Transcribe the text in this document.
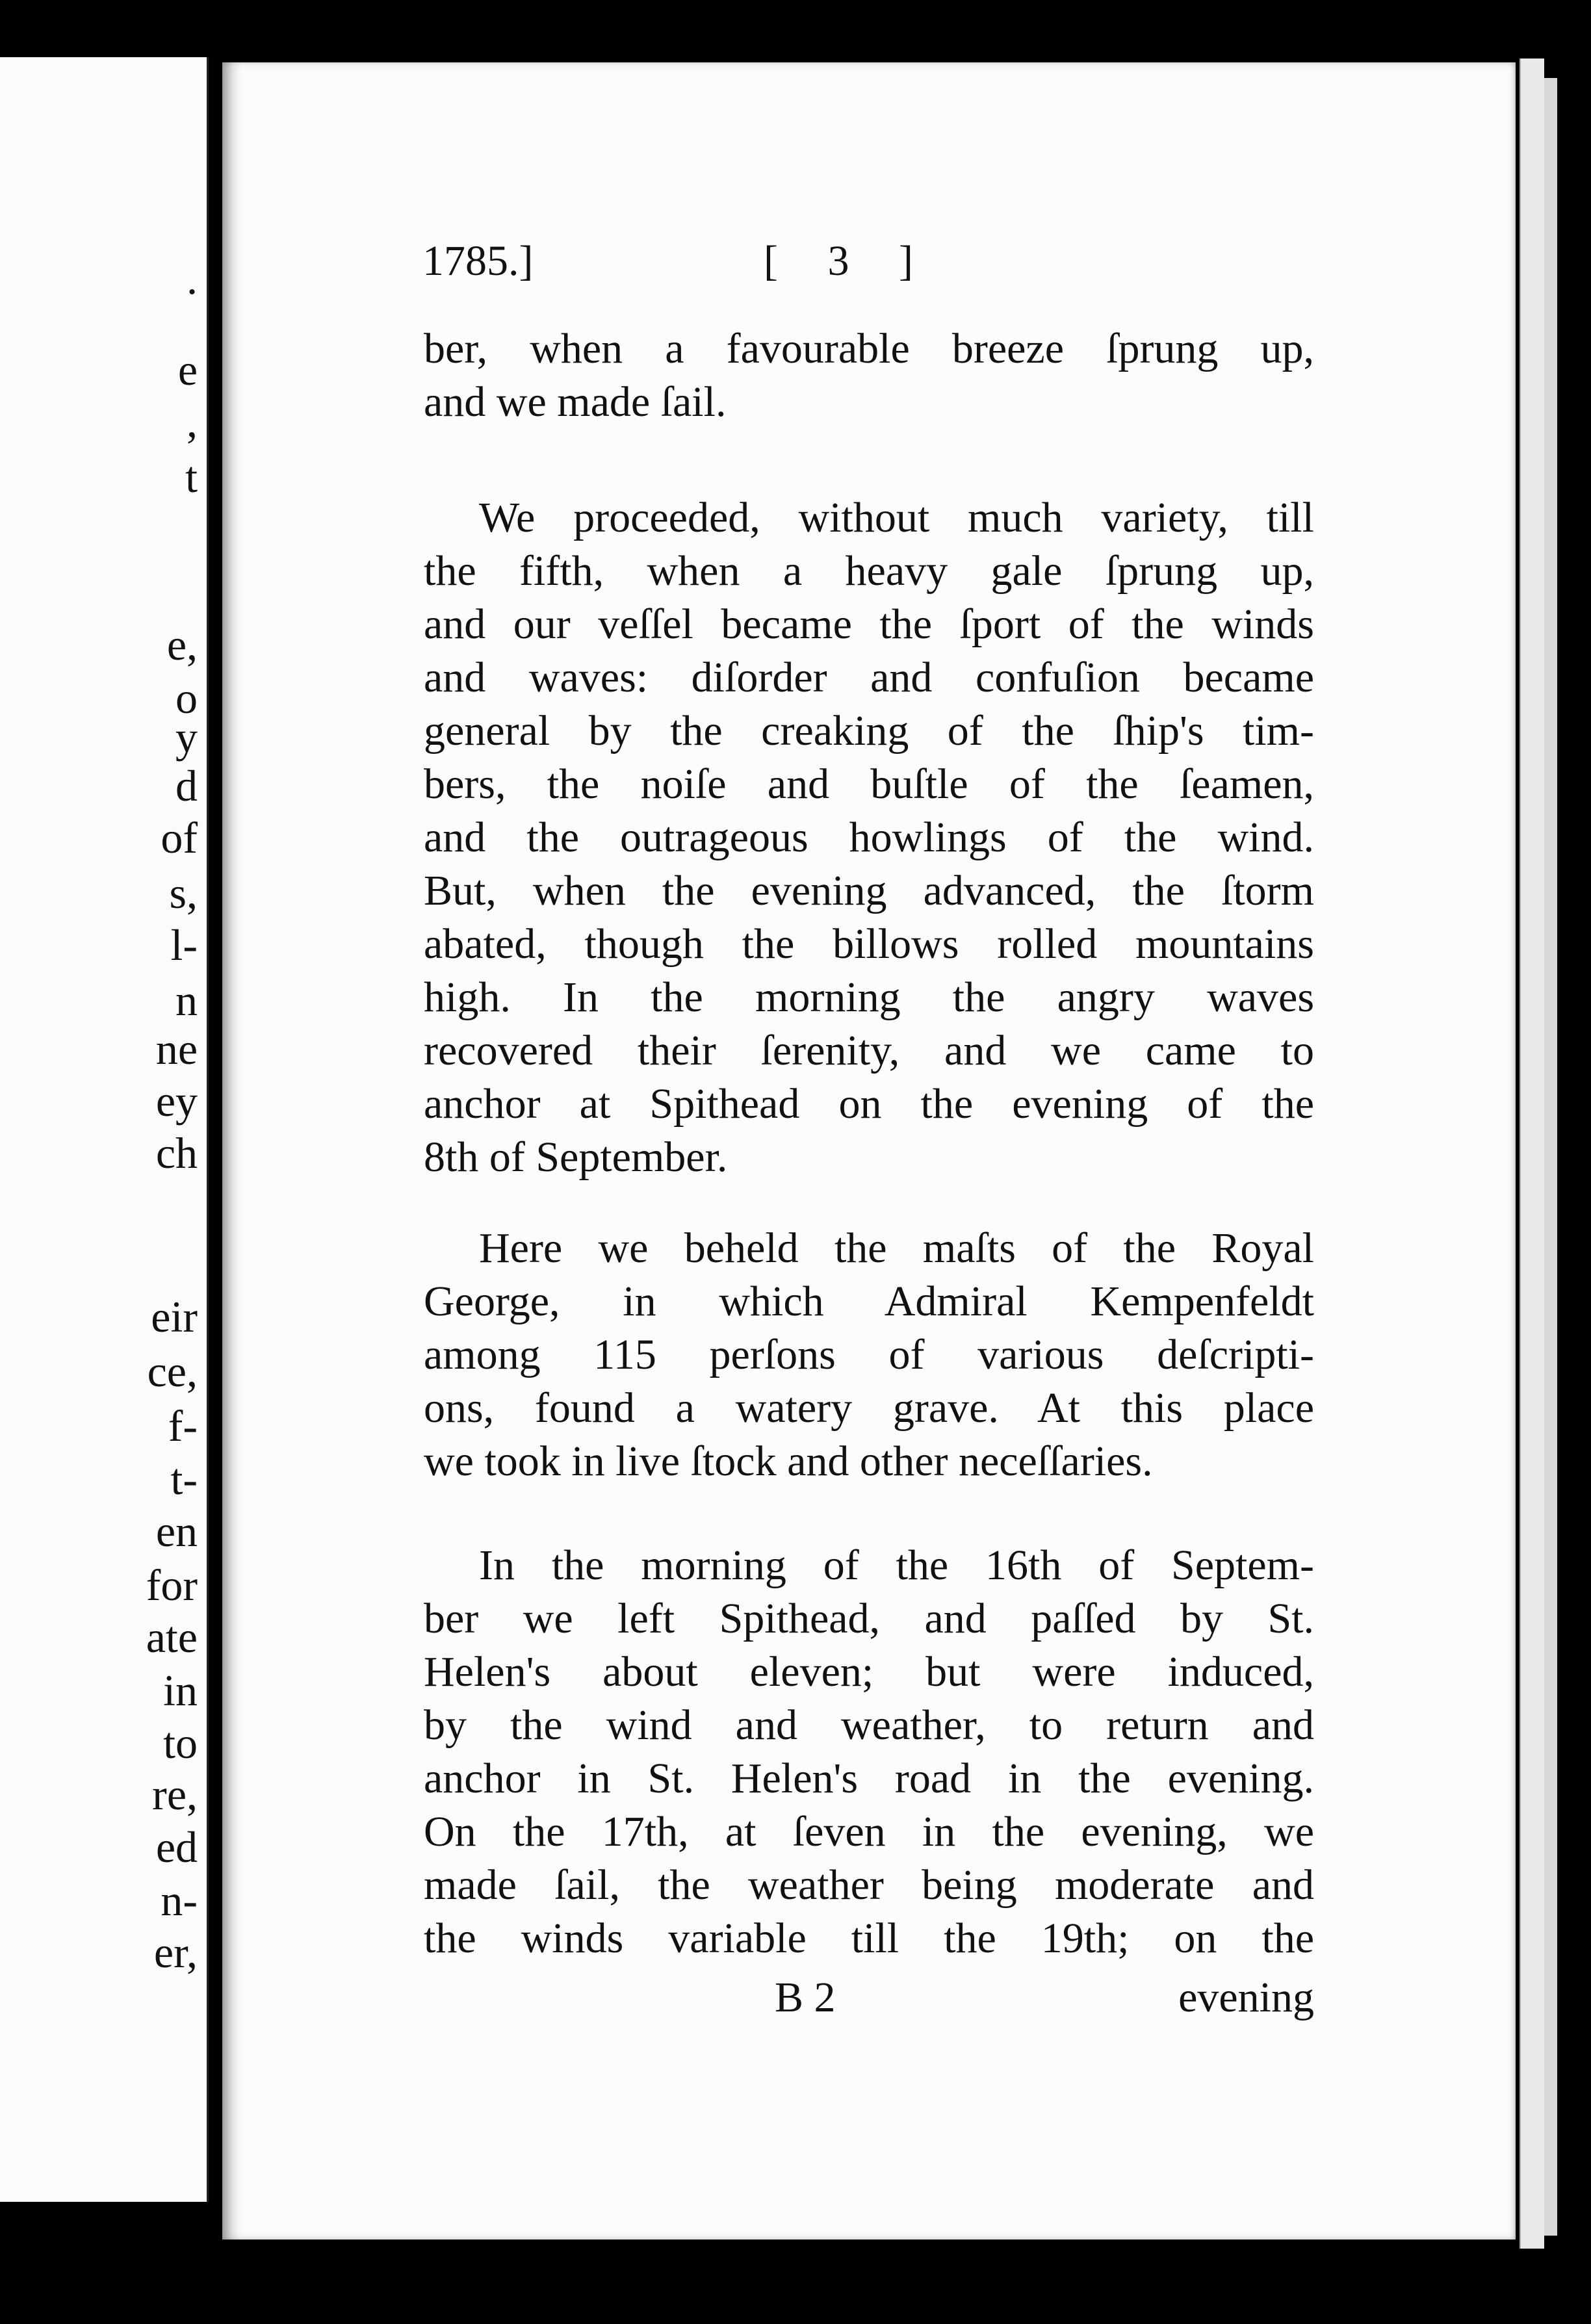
.
e
,
t
e,
o
y
d
of
s,
l-
n
ne
ey
ch
eir
ce,
f-
t-
en
for
ate
in
to
re,
ed
n-
er,
1785.]	[ 3 ]
ber, when a favourable breeze ſprung up,
and we made ſail.
We proceeded, without much variety, till
the fifth, when a heavy gale ſprung up,
and our veſſel became the ſport of the winds
and waves: diſorder and confuſion became
general by the creaking of the ſhip's tim-
bers, the noiſe and buſtle of the ſeamen,
and the outrageous howlings of the wind.
But, when the evening advanced, the ſtorm
abated, though the billows rolled mountains
high. In the morning the angry waves
recovered their ſerenity, and we came to
anchor at Spithead on the evening of the
8th of September.
Here we beheld the maſts of the Royal
George, in which Admiral Kempenfeldt
among 115 perſons of various deſcripti-
ons, found a watery grave. At this place
we took in live ſtock and other neceſſaries.
In the morning of the 16th of Septem-
ber we left Spithead, and paſſed by St.
Helen's about eleven; but were induced,
by the wind and weather, to return and
anchor in St. Helen's road in the evening.
On the 17th, at ſeven in the evening, we
made ſail, the weather being moderate and
the winds variable till the 19th; on the
B 2	evening
